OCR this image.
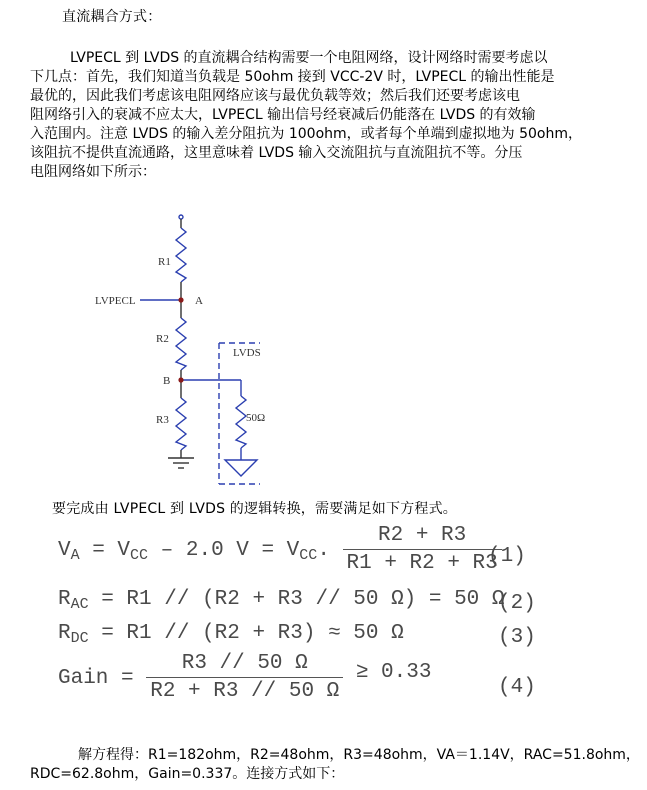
直流耦合方式：
LVPECL 到 LVDS 的直流耦合结构需要一个电阻网络，设计网络时需要考虑以
下几点：首先，我们知道当负载是 50ohm 接到 VCC-2V 时，LVPECL 的输出性能是
最优的，因此我们考虑该电阻网络应该与最优负载等效；然后我们还要考虑该电
阻网络引入的衰减不应太大，LVPECL 输出信号经衰减后仍能落在 LVDS 的有效输
入范围内。注意 LVDS 的输入差分阻抗为 100ohm，或者每个单端到虚拟地为 50ohm，
该阻抗不提供直流通路，这里意味着 LVDS 输入交流阻抗与直流阻抗不等。分压
电阻网络如下所示：
R1
LVPECL	A
R2
LVDS
B
R3	50Ω
要完成由 LVPECL 到 LVDS 的逻辑转换，需要满足如下方程式。
$V_A = V_{CC} - 2.0$ $V = V_{CC}$. $\frac{R2 + R3}{R1 + R2 + R3}$
(1)
$R_{AC} = R1 // (R2 + R3 // 50$ Ω) = 50 Ω
(2)
$R_{DC} = R1 // (R2 + R3) \approx 50$ Ω	(3)
Gain = $\frac{R3 // 50 \Omega}{R2 + R3 // 50 \Omega} \ge 0.33$
(4)
解方程得：R1=182ohm，R2=48ohm，R3=48ohm，VA＝1.14V，RAC=51.8ohm，
RDC=62.8ohm，Gain=0.337。连接方式如下：
